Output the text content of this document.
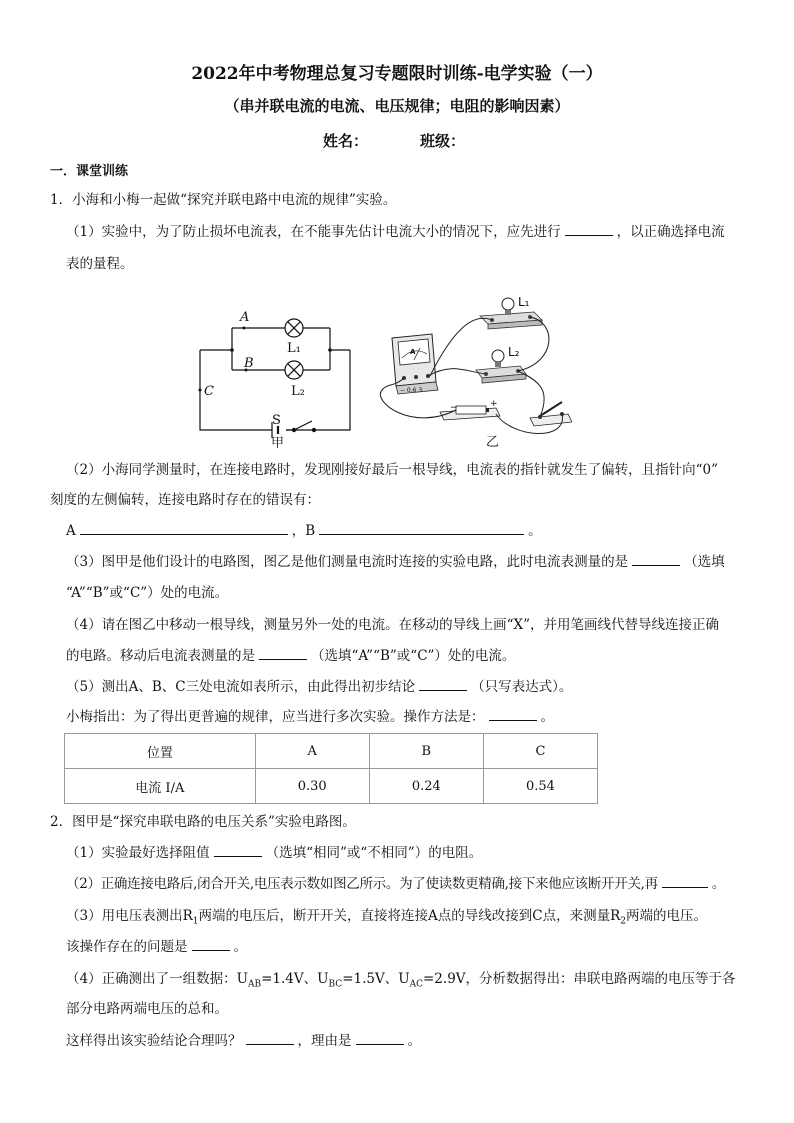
2022年中考物理总复习专题限时训练-电学实验（一）
（串并联电流的电流、电压规律；电阻的影响因素）
姓名：	班级：
一．课堂训练
1．小海和小梅一起做“探究并联电路中电流的规律”实验。
（1）实验中，为了防止损坏电流表，在不能事先估计电流大小的情况下，应先进行	，以正确选择电流
表的量程。
A
B
C
L₁
L₂
S
甲
L₁
L₂
A
− 0.6 3
−	+
乙
（2）小海同学测量时，在连接电路时，发现刚接好最后一根导线，电流表的指针就发生了偏转，且指针向“0”
刻度的左侧偏转，连接电路时存在的错误有：
A	，B	。
（3）图甲是他们设计的电路图，图乙是他们测量电流时连接的实验电路，此时电流表测量的是	（选填
“A”“B”或“C”）处的电流。
（4）请在图乙中移动一根导线，测量另外一处的电流。在移动的导线上画“X”，并用笔画线代替导线连接正确
的电路。移动后电流表测量的是	（选填“A”“B”或“C”）处的电流。
（5）测出A、B、C三处电流如表所示，由此得出初步结论	（只写表达式）。
小梅指出：为了得出更普遍的规律，应当进行多次实验。操作方法是：	。
位置	A	B	C
电流 I/A	0.30	0.24	0.54
2．图甲是“探究串联电路的电压关系”实验电路图。
（1）实验最好选择阻值	（选填“相同”或“不相同”）的电阻。
（2）正确连接电路后,闭合开关,电压表示数如图乙所示。为了使读数更精确,接下来他应该断开开关,再	。
（3）用电压表测出$R_1$两端的电压后，断开开关，直接将连接A点的导线改接到C点，来测量$R_2$两端的电压。
该操作存在的问题是	。
（4）正确测出了一组数据：$U_{AB}=1.4V$、$U_{BC}=1.5V$、$U_{AC}=2.9V$，分析数据得出：串联电路两端的电压等于各
部分电路两端电压的总和。
这样得出该实验结论合理吗？	，理由是	。
